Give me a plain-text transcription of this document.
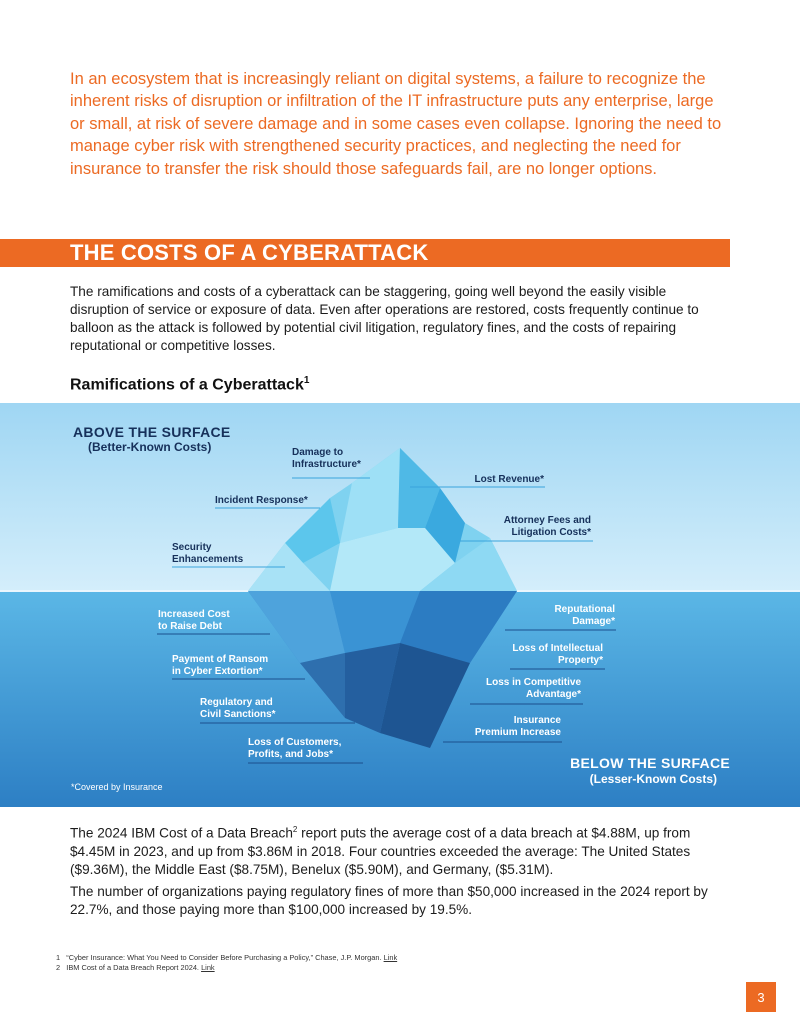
In an ecosystem that is increasingly reliant on digital systems, a failure to recognize the inherent risks of disruption or infiltration of the IT infrastructure puts any enterprise, large or small, at risk of severe damage and in some cases even collapse. Ignoring the need to manage cyber risk with strengthened security practices, and neglecting the need for insurance to transfer the risk should those safeguards fail, are no longer options.
THE COSTS OF A CYBERATTACK
The ramifications and costs of a cyberattack can be staggering, going well beyond the easily visible disruption of service or exposure of data. Even after operations are restored, costs frequently continue to balloon as the attack is followed by potential civil litigation, regulatory fines, and the costs of repairing reputational or competitive losses.
Ramifications of a Cyberattack$^1$
ABOVE THE SURFACE
(Better-Known Costs)	Damage to
Infrastructure*
Lost Revenue*
Incident Response*
Attorney Fees and
Litigation Costs*
Security
Enhancements
Increased Cost
to Raise Debt
Reputational
Damage*
Loss of Intellectual
Property*
Payment of Ransom
in Cyber Extortion*
Loss in Competitive
Advantage*
Regulatory and
Civil Sanctions*
Insurance
Premium Increase
Loss of Customers,
Profits, and Jobs*
BELOW THE SURFACE
(Lesser-Known Costs)
*Covered by Insurance
The 2024 IBM Cost of a Data Breach$^2$ report puts the average cost of a data breach at $4.88M, up from $4.45M in 2023, and up from $3.86M in 2018. Four countries exceeded the average: The United States ($9.36M), the Middle East ($8.75M), Benelux ($5.90M), and Germany, ($5.31M).
The number of organizations paying regulatory fines of more than $50,000 increased in the 2024 report by 22.7%, and those paying more than $100,000 increased by 19.5%.
1 “Cyber Insurance: What You Need to Consider Before Purchasing a Policy,” Chase, J.P. Morgan. Link
2 IBM Cost of a Data Breach Report 2024. Link
3
